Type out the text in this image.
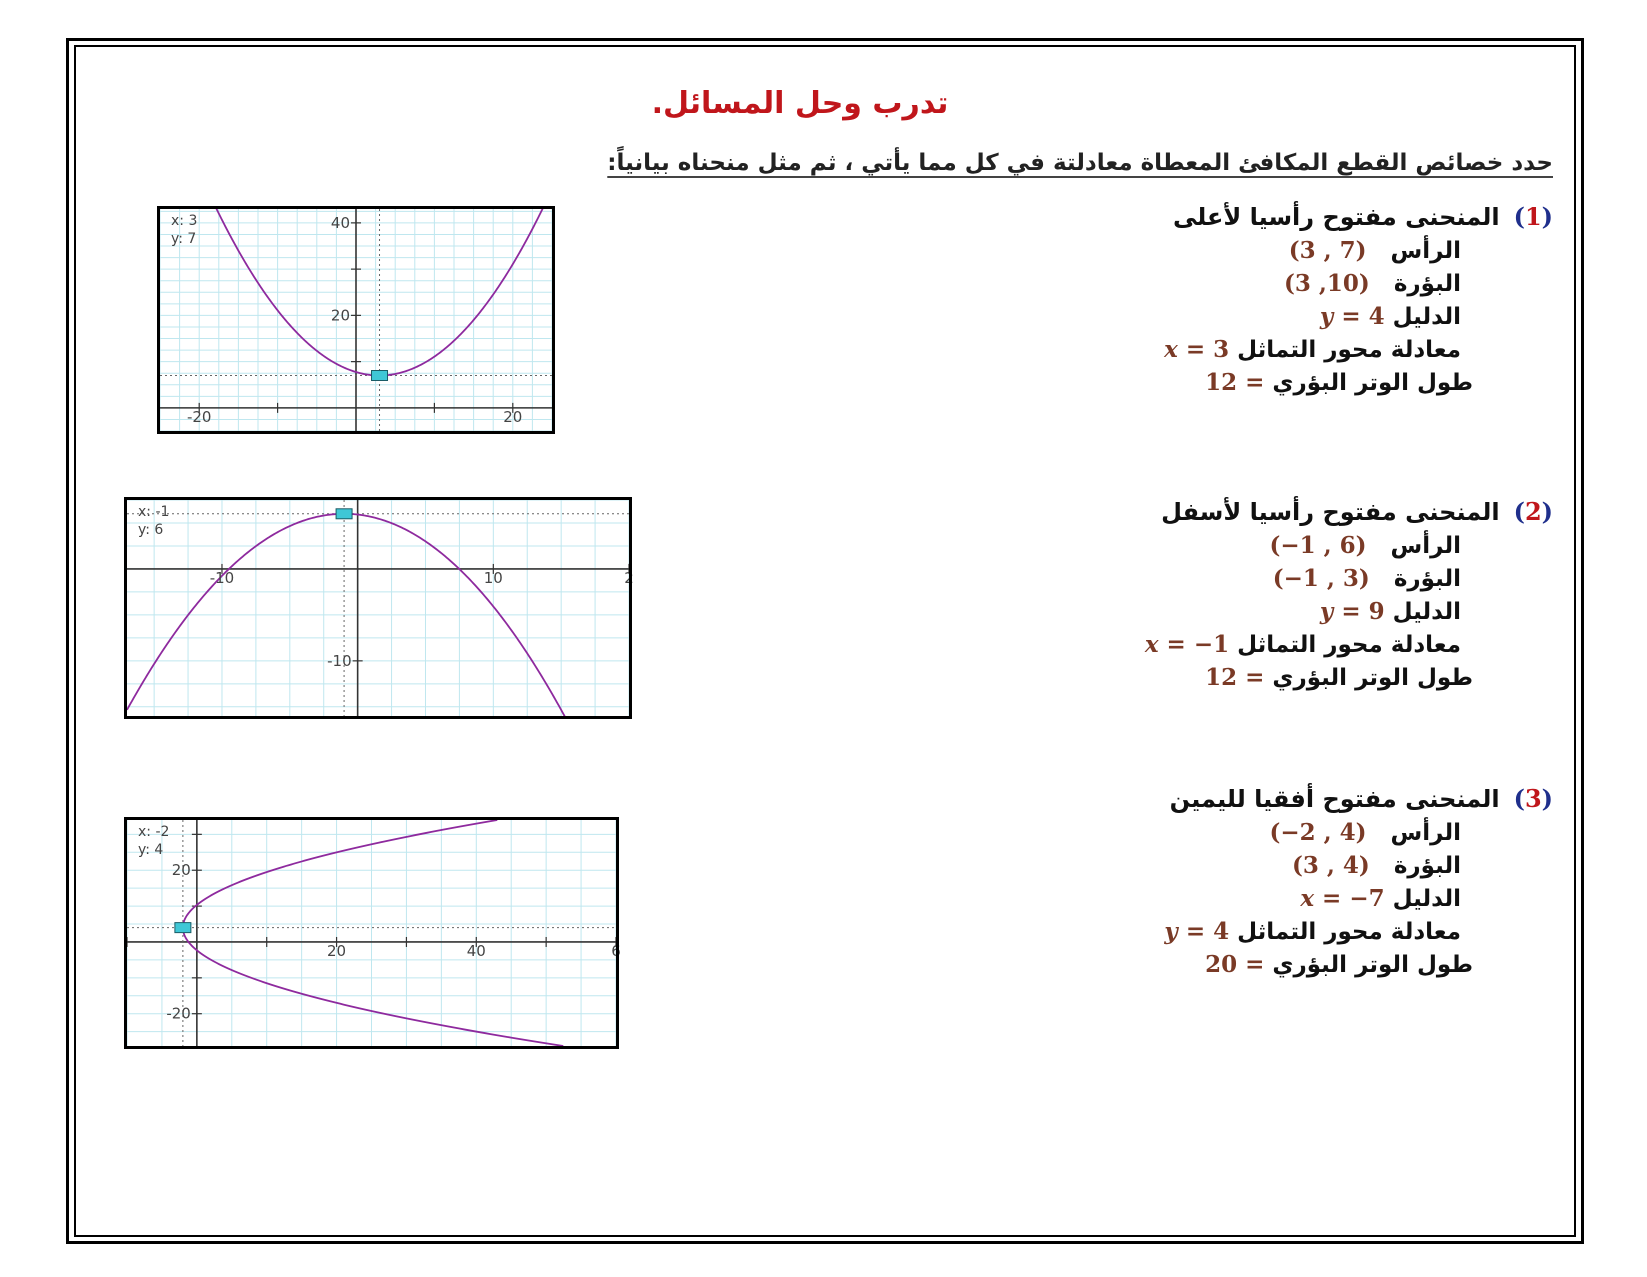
تدرب وحل المسائل.
حدد خصائص القطع المكافئ المعطاة معادلتة في كل مما يأتي ، ثم مثل منحناه بيانياً:
-20	20
40
20
x: 3
y: 7
-10	10	2
-10
x: -1
y: 6
20	40	6
20
-20
x: -2
y: 4
(1)المنحنى مفتوح رأسيا لأعلى
الرأس   (3 , 7)
البؤرة   (3 ,10)
الدليل y = 4
معادلة محور التماثل x = 3
طول الوتر البؤري 12 =
(2)المنحنى مفتوح رأسيا لأسفل
الرأس   (−1 , 6)
البؤرة   (−1 , 3)
الدليل y = 9
معادلة محور التماثل x = −1
طول الوتر البؤري 12 =
(3)المنحنى مفتوح أفقيا لليمين
الرأس   (−2 , 4)
البؤرة   (3 , 4)
الدليل x = −7
معادلة محور التماثل y = 4
طول الوتر البؤري 20 =
